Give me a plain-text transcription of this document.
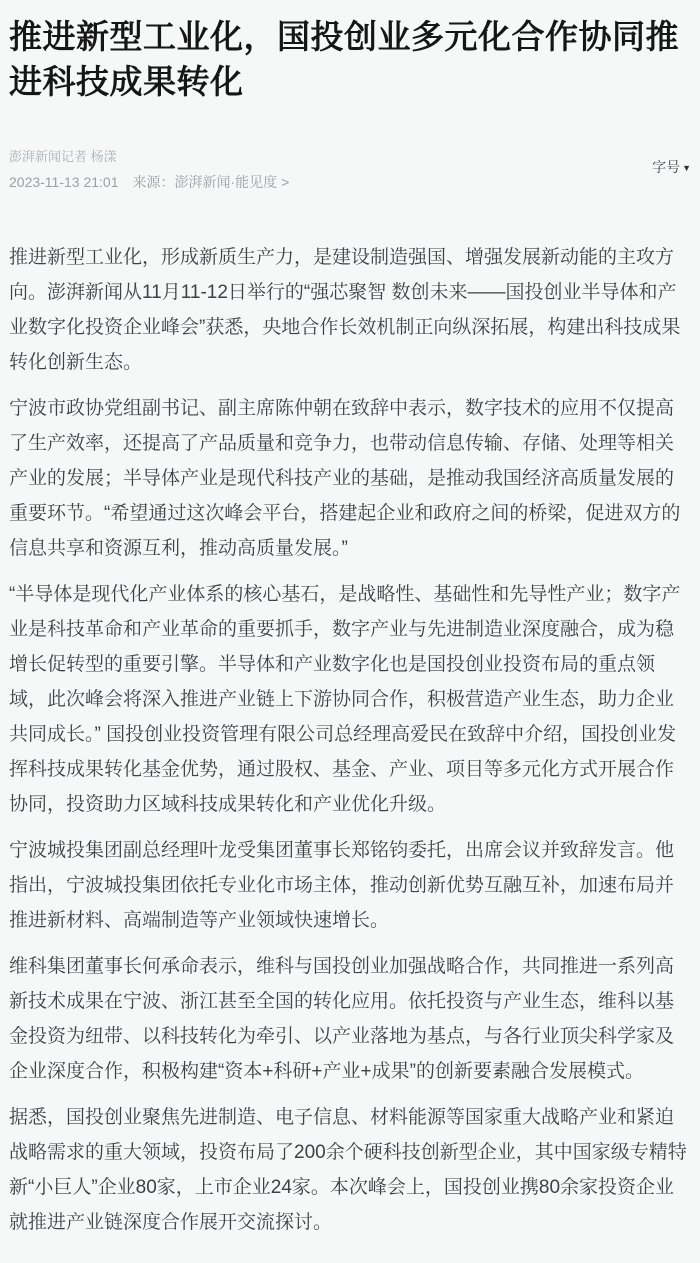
推进新型工业化，国投创业多元化合作协同推进科技成果转化
澎湃新闻记者 杨漾
2023-11-13 21:01 来源：澎湃新闻·能见度 >
字号 ▼

推进新型工业化，形成新质生产力，是建设制造强国、增强发展新动能的主攻方向。澎湃新闻从11月11-12日举行的“强芯聚智 数创未来——国投创业半导体和产业数字化投资企业峰会”获悉，央地合作长效机制正向纵深拓展，构建出科技成果转化创新生态。

宁波市政协党组副书记、副主席陈仲朝在致辞中表示，数字技术的应用不仅提高了生产效率，还提高了产品质量和竞争力，也带动信息传输、存储、处理等相关产业的发展；半导体产业是现代科技产业的基础，是推动我国经济高质量发展的重要环节。“希望通过这次峰会平台，搭建起企业和政府之间的桥梁，促进双方的信息共享和资源互利，推动高质量发展。”

“半导体是现代化产业体系的核心基石，是战略性、基础性和先导性产业；数字产业是科技革命和产业革命的重要抓手，数字产业与先进制造业深度融合，成为稳增长促转型的重要引擎。半导体和产业数字化也是国投创业投资布局的重点领域，此次峰会将深入推进产业链上下游协同合作，积极营造产业生态，助力企业共同成长。” 国投创业投资管理有限公司总经理高爱民在致辞中介绍，国投创业发挥科技成果转化基金优势，通过股权、基金、产业、项目等多元化方式开展合作协同，投资助力区域科技成果转化和产业优化升级。

宁波城投集团副总经理叶龙受集团董事长郑铭钧委托，出席会议并致辞发言。他指出，宁波城投集团依托专业化市场主体，推动创新优势互融互补，加速布局并推进新材料、高端制造等产业领域快速增长。

维科集团董事长何承命表示，维科与国投创业加强战略合作，共同推进一系列高新技术成果在宁波、浙江甚至全国的转化应用。依托投资与产业生态，维科以基金投资为纽带、以科技转化为牵引、以产业落地为基点，与各行业顶尖科学家及企业深度合作，积极构建“资本+科研+产业+成果”的创新要素融合发展模式。

据悉，国投创业聚焦先进制造、电子信息、材料能源等国家重大战略产业和紧迫战略需求的重大领域，投资布局了200余个硬科技创新型企业，其中国家级专精特新“小巨人”企业80家，上市企业24家。本次峰会上，国投创业携80余家投资企业就推进产业链深度合作展开交流探讨。
